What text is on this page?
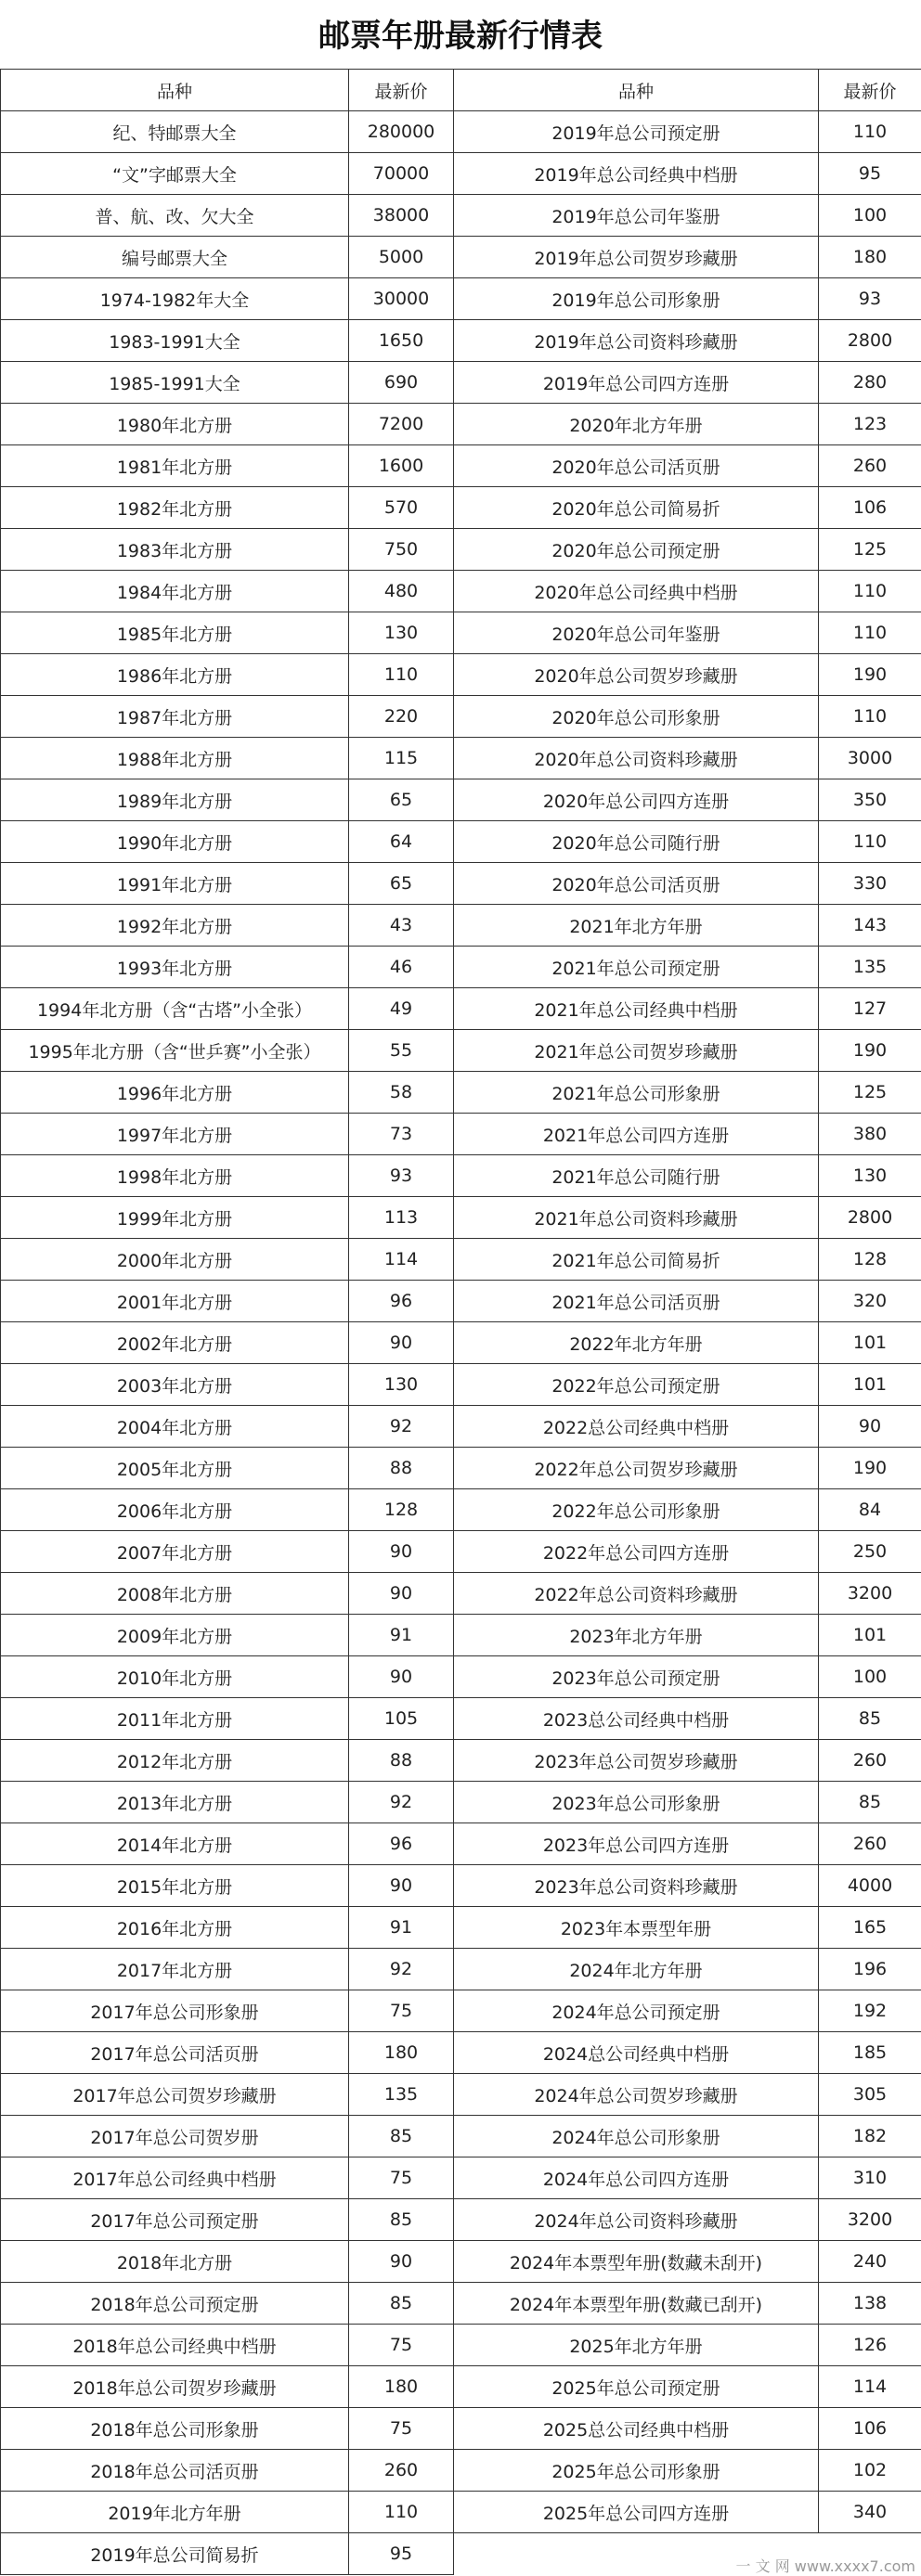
邮票年册最新行情表
品种	最新价	品种	最新价
纪、特邮票大全	280000	2019年总公司预定册	110
“文”字邮票大全	70000	2019年总公司经典中档册	95
普、航、改、欠大全	38000	2019年总公司年鉴册	100
编号邮票大全	5000	2019年总公司贺岁珍藏册	180
1974-1982年大全	30000	2019年总公司形象册	93
1983-1991大全	1650	2019年总公司资料珍藏册	2800
1985-1991大全	690	2019年总公司四方连册	280
1980年北方册	7200	2020年北方年册	123
1981年北方册	1600	2020年总公司活页册	260
1982年北方册	570	2020年总公司简易折	106
1983年北方册	750	2020年总公司预定册	125
1984年北方册	480	2020年总公司经典中档册	110
1985年北方册	130	2020年总公司年鉴册	110
1986年北方册	110	2020年总公司贺岁珍藏册	190
1987年北方册	220	2020年总公司形象册	110
1988年北方册	115	2020年总公司资料珍藏册	3000
1989年北方册	65	2020年总公司四方连册	350
1990年北方册	64	2020年总公司随行册	110
1991年北方册	65	2020年总公司活页册	330
1992年北方册	43	2021年北方年册	143
1993年北方册	46	2021年总公司预定册	135
1994年北方册（含“古塔”小全张）	49	2021年总公司经典中档册	127
1995年北方册（含“世乒赛”小全张）	55	2021年总公司贺岁珍藏册	190
1996年北方册	58	2021年总公司形象册	125
1997年北方册	73	2021年总公司四方连册	380
1998年北方册	93	2021年总公司随行册	130
1999年北方册	113	2021年总公司资料珍藏册	2800
2000年北方册	114	2021年总公司简易折	128
2001年北方册	96	2021年总公司活页册	320
2002年北方册	90	2022年北方年册	101
2003年北方册	130	2022年总公司预定册	101
2004年北方册	92	2022总公司经典中档册	90
2005年北方册	88	2022年总公司贺岁珍藏册	190
2006年北方册	128	2022年总公司形象册	84
2007年北方册	90	2022年总公司四方连册	250
2008年北方册	90	2022年总公司资料珍藏册	3200
2009年北方册	91	2023年北方年册	101
2010年北方册	90	2023年总公司预定册	100
2011年北方册	105	2023总公司经典中档册	85
2012年北方册	88	2023年总公司贺岁珍藏册	260
2013年北方册	92	2023年总公司形象册	85
2014年北方册	96	2023年总公司四方连册	260
2015年北方册	90	2023年总公司资料珍藏册	4000
2016年北方册	91	2023年本票型年册	165
2017年北方册	92	2024年北方年册	196
2017年总公司形象册	75	2024年总公司预定册	192
2017年总公司活页册	180	2024总公司经典中档册	185
2017年总公司贺岁珍藏册	135	2024年总公司贺岁珍藏册	305
2017年总公司贺岁册	85	2024年总公司形象册	182
2017年总公司经典中档册	75	2024年总公司四方连册	310
2017年总公司预定册	85	2024年总公司资料珍藏册	3200
2018年北方册	90	2024年本票型年册(数藏未刮开)	240
2018年总公司预定册	85	2024年本票型年册(数藏已刮开)	138
2018年总公司经典中档册	75	2025年北方年册	126
2018年总公司贺岁珍藏册	180	2025年总公司预定册	114
2018年总公司形象册	75	2025总公司经典中档册	106
2018年总公司活页册	260	2025年总公司形象册	102
2019年北方年册	110	2025年总公司四方连册	340
2019年总公司简易折	95		
一 文 网 www.xxxx7.com
